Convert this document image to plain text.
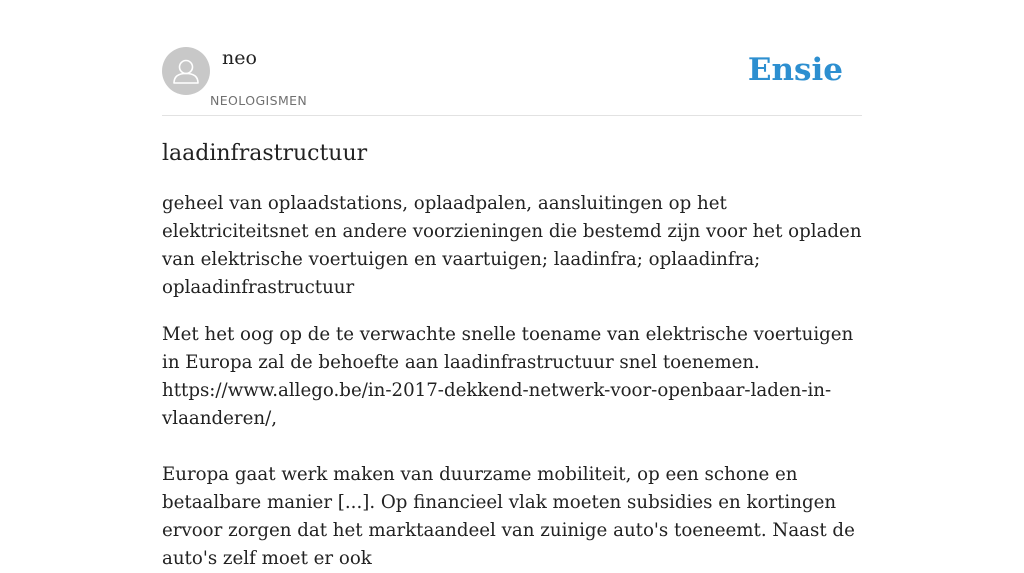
neo
NEOLOGISMEN
Ensie
laadinfrastructuur

geheel van oplaadstations, oplaadpalen, aansluitingen op het elektriciteitsnet en andere voorzieningen die bestemd zijn voor het opladen van elektrische voertuigen en vaartuigen; laadinfra; oplaadinfra; oplaadinfrastructuur

Met het oog op de te verwachte snelle toename van elektrische voertuigen in Europa zal de behoefte aan laadinfrastructuur snel toenemen. https://www.allego.be/in-2017-dekkend-netwerk-voor-openbaar-laden-in-vlaanderen/,

Europa gaat werk maken van duurzame mobiliteit, op een schone en betaalbare manier [...]. Op financieel vlak moeten subsidies en kortingen ervoor zorgen dat het marktaandeel van zuinige auto's toeneemt. Naast de auto's zelf moet er ook
